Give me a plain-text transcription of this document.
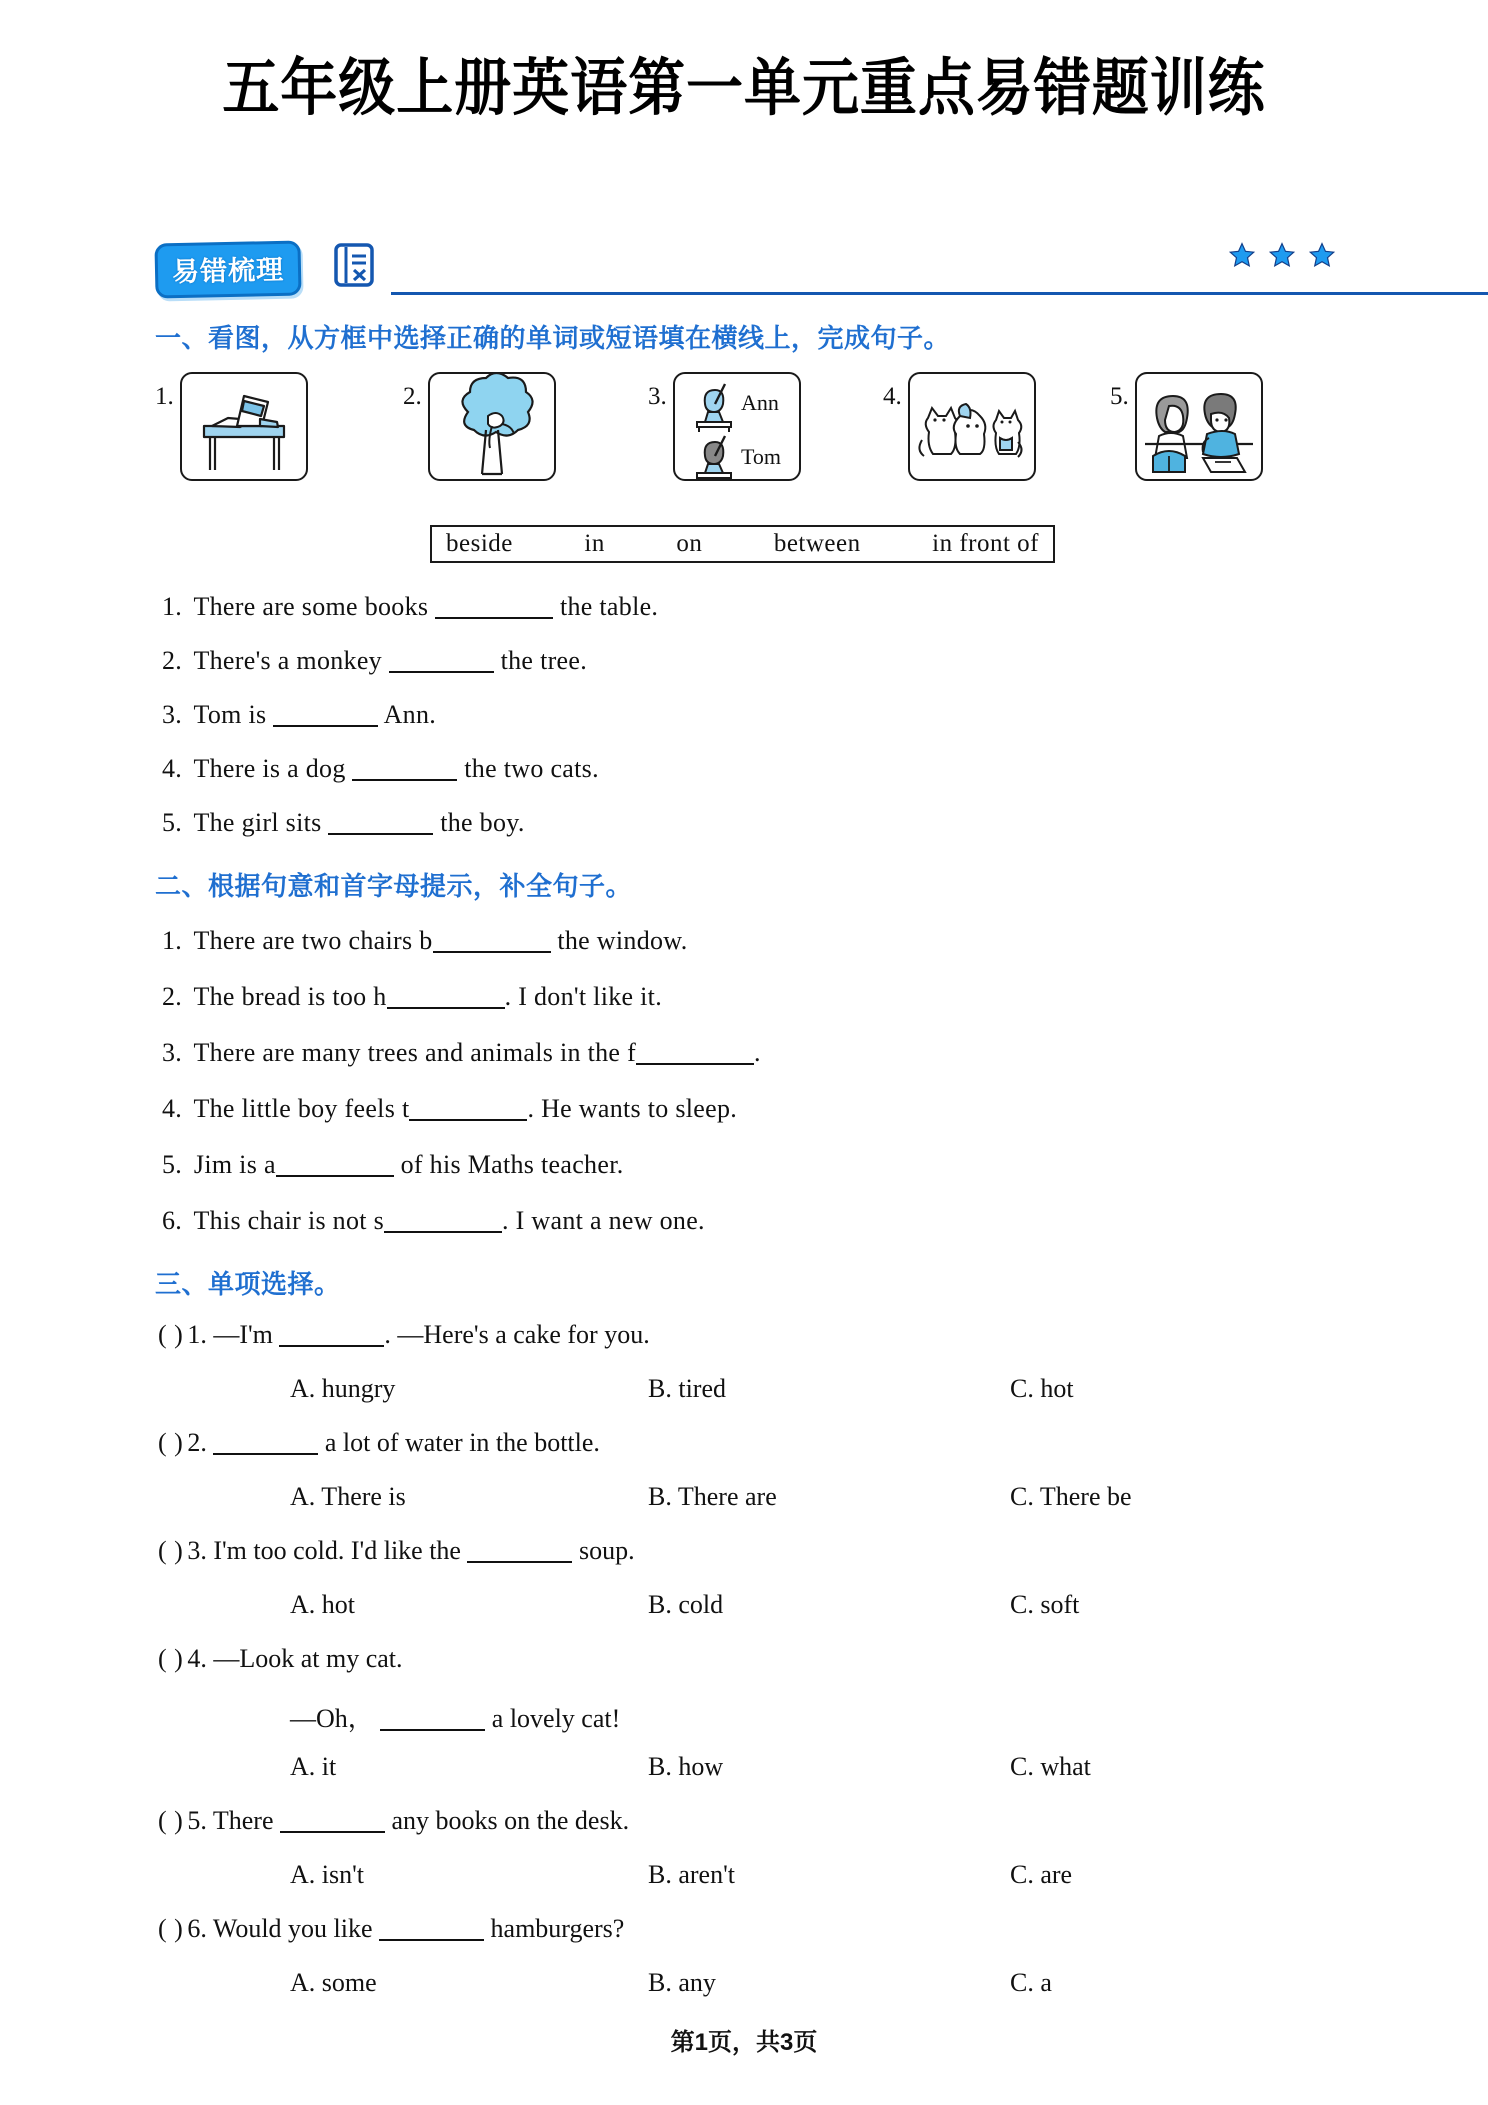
五年级上册英语第一单元重点易错题训练
易错梳理
一、看图，从方框中选择正确的单词或短语填在横线上，完成句子。
1.	2.	3.	Ann
Tom
4.	5.
beside	in	on	between	in front of
1. There are some books	the table.
2. There's a monkey	the tree.
3. Tom is	Ann.
4. There is a dog	the two cats.
5. The girl sits	the boy.
二、根据句意和首字母提示，补全句子。
1. There are two chairs b	the window.
2. The bread is too h	. I don't like it.
3. There are many trees and animals in the f	.
4. The little boy feels t	. He wants to sleep.
5. Jim is a	of his Maths teacher.
6. This chair is not s	. I want a new one.
三、单项选择。
( ) 1. —I'm	. —Here's a cake for you.
A. hungry	B. tired	C. hot
( ) 2.	a lot of water in the bottle.
A. There is	B. There are	C. There be
( ) 3. I'm too cold. I'd like the	soup.
A. hot	B. cold	C. soft
( ) 4. —Look at my cat.
—Oh，	a lovely cat!
A. it	B. how	C. what
( ) 5. There	any books on the desk.
A. isn't	B. aren't	C. are
( ) 6. Would you like	hamburgers?
A. some	B. any	C. a
第1页，共3页
